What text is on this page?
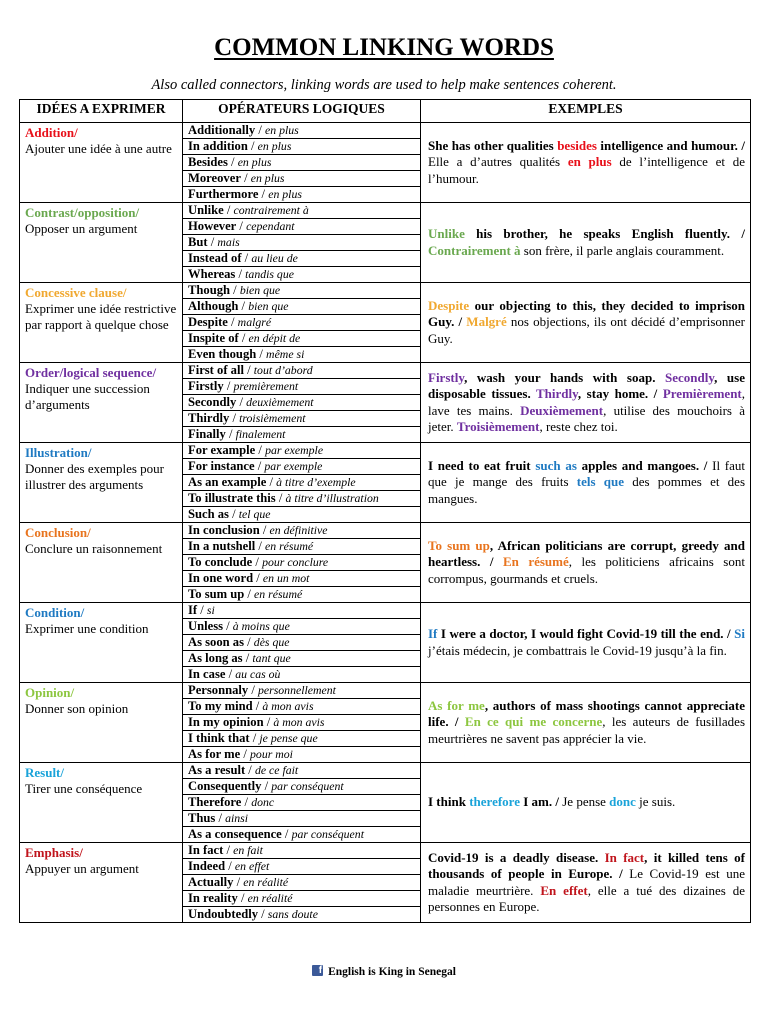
COMMON LINKING WORDS
Also called connectors, linking words are used to help make sentences coherent.
IDÉES A EXPRIMER	OPÉRATEURS LOGIQUES	EXEMPLES

Addition/
Ajouter une idée à une autre

Additionally / en plus
In addition / en plus
Besides / en plus
Moreover / en plus
Furthermore / en plus

She has other qualities besides intelligence and humour. / Elle a d’autres qualités en plus de l’intelligence et de l’humour.

Contrast/opposition/
Opposer un argument

Unlike / contrairement à
However / cependant
But / mais
Instead of / au lieu de
Whereas / tandis que

Unlike his brother, he speaks English fluently. / Contrairement à son frère, il parle anglais couramment.

Concessive clause/
Exprimer une idée restrictive par rapport à quelque chose

Though / bien que
Although / bien que
Despite / malgré
Inspite of / en dépit de
Even though / même si

Despite our objecting to this, they decided to imprison Guy. / Malgré nos objections, ils ont décidé d’emprisonner Guy.

Order/logical sequence/
Indiquer une succession d’arguments

First of all / tout d’abord
Firstly / premièrement
Secondly / deuxièmement
Thirdly / troisièmement
Finally / finalement

Firstly, wash your hands with soap. Secondly, use disposable tissues. Thirdly, stay home. / Premièrement, lave tes mains. Deuxièmement, utilise des mouchoirs à jeter. Troisièmement, reste chez toi.

Illustration/
Donner des exemples pour illustrer des arguments

For example / par exemple
For instance / par exemple
As an example / à titre d’exemple
To illustrate this / à titre d’illustration
Such as / tel que

I need to eat fruit such as apples and mangoes. / Il faut que je mange des fruits tels que des pommes et des mangues.

Conclusion/
Conclure un raisonnement

In conclusion / en définitive
In a nutshell / en résumé
To conclude / pour conclure
In one word / en un mot
To sum up / en résumé

To sum up, African politicians are corrupt, greedy and heartless. / En résumé, les politiciens africains sont corrompus, gourmands et cruels.

Condition/
Exprimer une condition

If / si
Unless / à moins que
As soon as / dès que
As long as / tant que
In case / au cas où

If I were a doctor, I would fight Covid-19 till the end. / Si j’étais médecin, je combattrais le Covid-19 jusqu’à la fin.

Opinion/
Donner son opinion

Personnaly / personnellement
To my mind / à mon avis
In my opinion / à mon avis
I think that / je pense que
As for me / pour moi

As for me, authors of mass shootings cannot appreciate life. / En ce qui me concerne, les auteurs de fusillades meurtrières ne savent pas apprécier la vie.

Result/
Tirer une conséquence

As a result / de ce fait
Consequently / par conséquent
Therefore / donc
Thus / ainsi
As a consequence / par conséquent

I think therefore I am. / Je pense donc je suis.

Emphasis/
Appuyer un argument

In fact / en fait
Indeed / en effet
Actually / en réalité
In reality / en réalité
Undoubtedly / sans doute

Covid-19 is a deadly disease. In fact, it killed tens of thousands of people in Europe. / Le Covid-19 est une maladie meurtrière. En effet, elle a tué des dizaines de personnes en Europe.
f English is King in Senegal
